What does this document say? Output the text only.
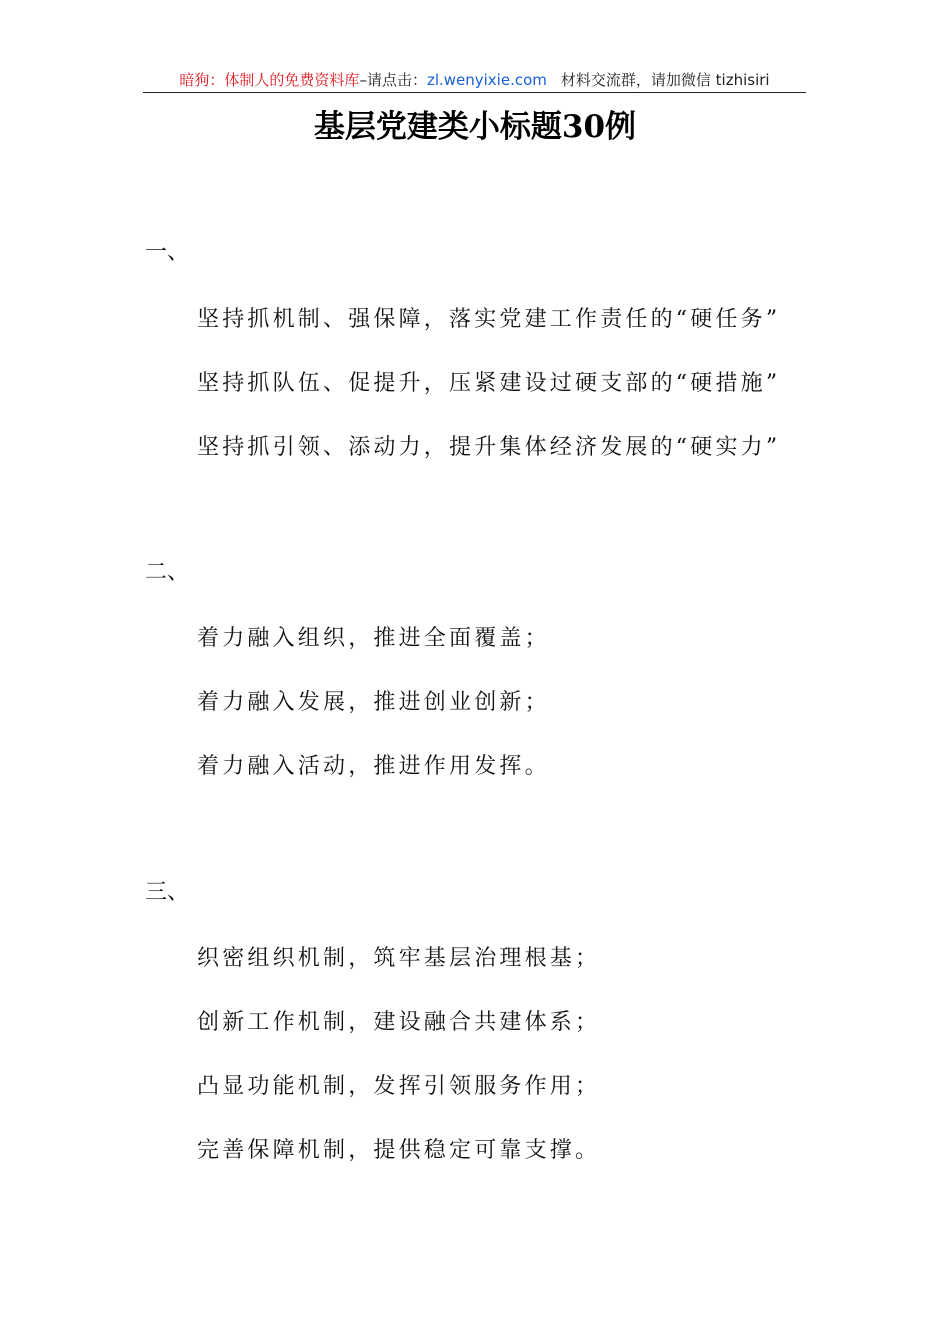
暗狗：体制人的免费资料库–请点击：zl.wenyixie.com 材料交流群，请加微信 tizhisiri
基层党建类小标题30例
一、
坚持抓机制、强保障，落实党建工作责任的“硬任务”
坚持抓队伍、促提升，压紧建设过硬支部的“硬措施”
坚持抓引领、添动力，提升集体经济发展的“硬实力”
二、
着力融入组织，推进全面覆盖；
着力融入发展，推进创业创新；
着力融入活动，推进作用发挥。
三、
织密组织机制，筑牢基层治理根基；
创新工作机制，建设融合共建体系；
凸显功能机制，发挥引领服务作用；
完善保障机制，提供稳定可靠支撑。
